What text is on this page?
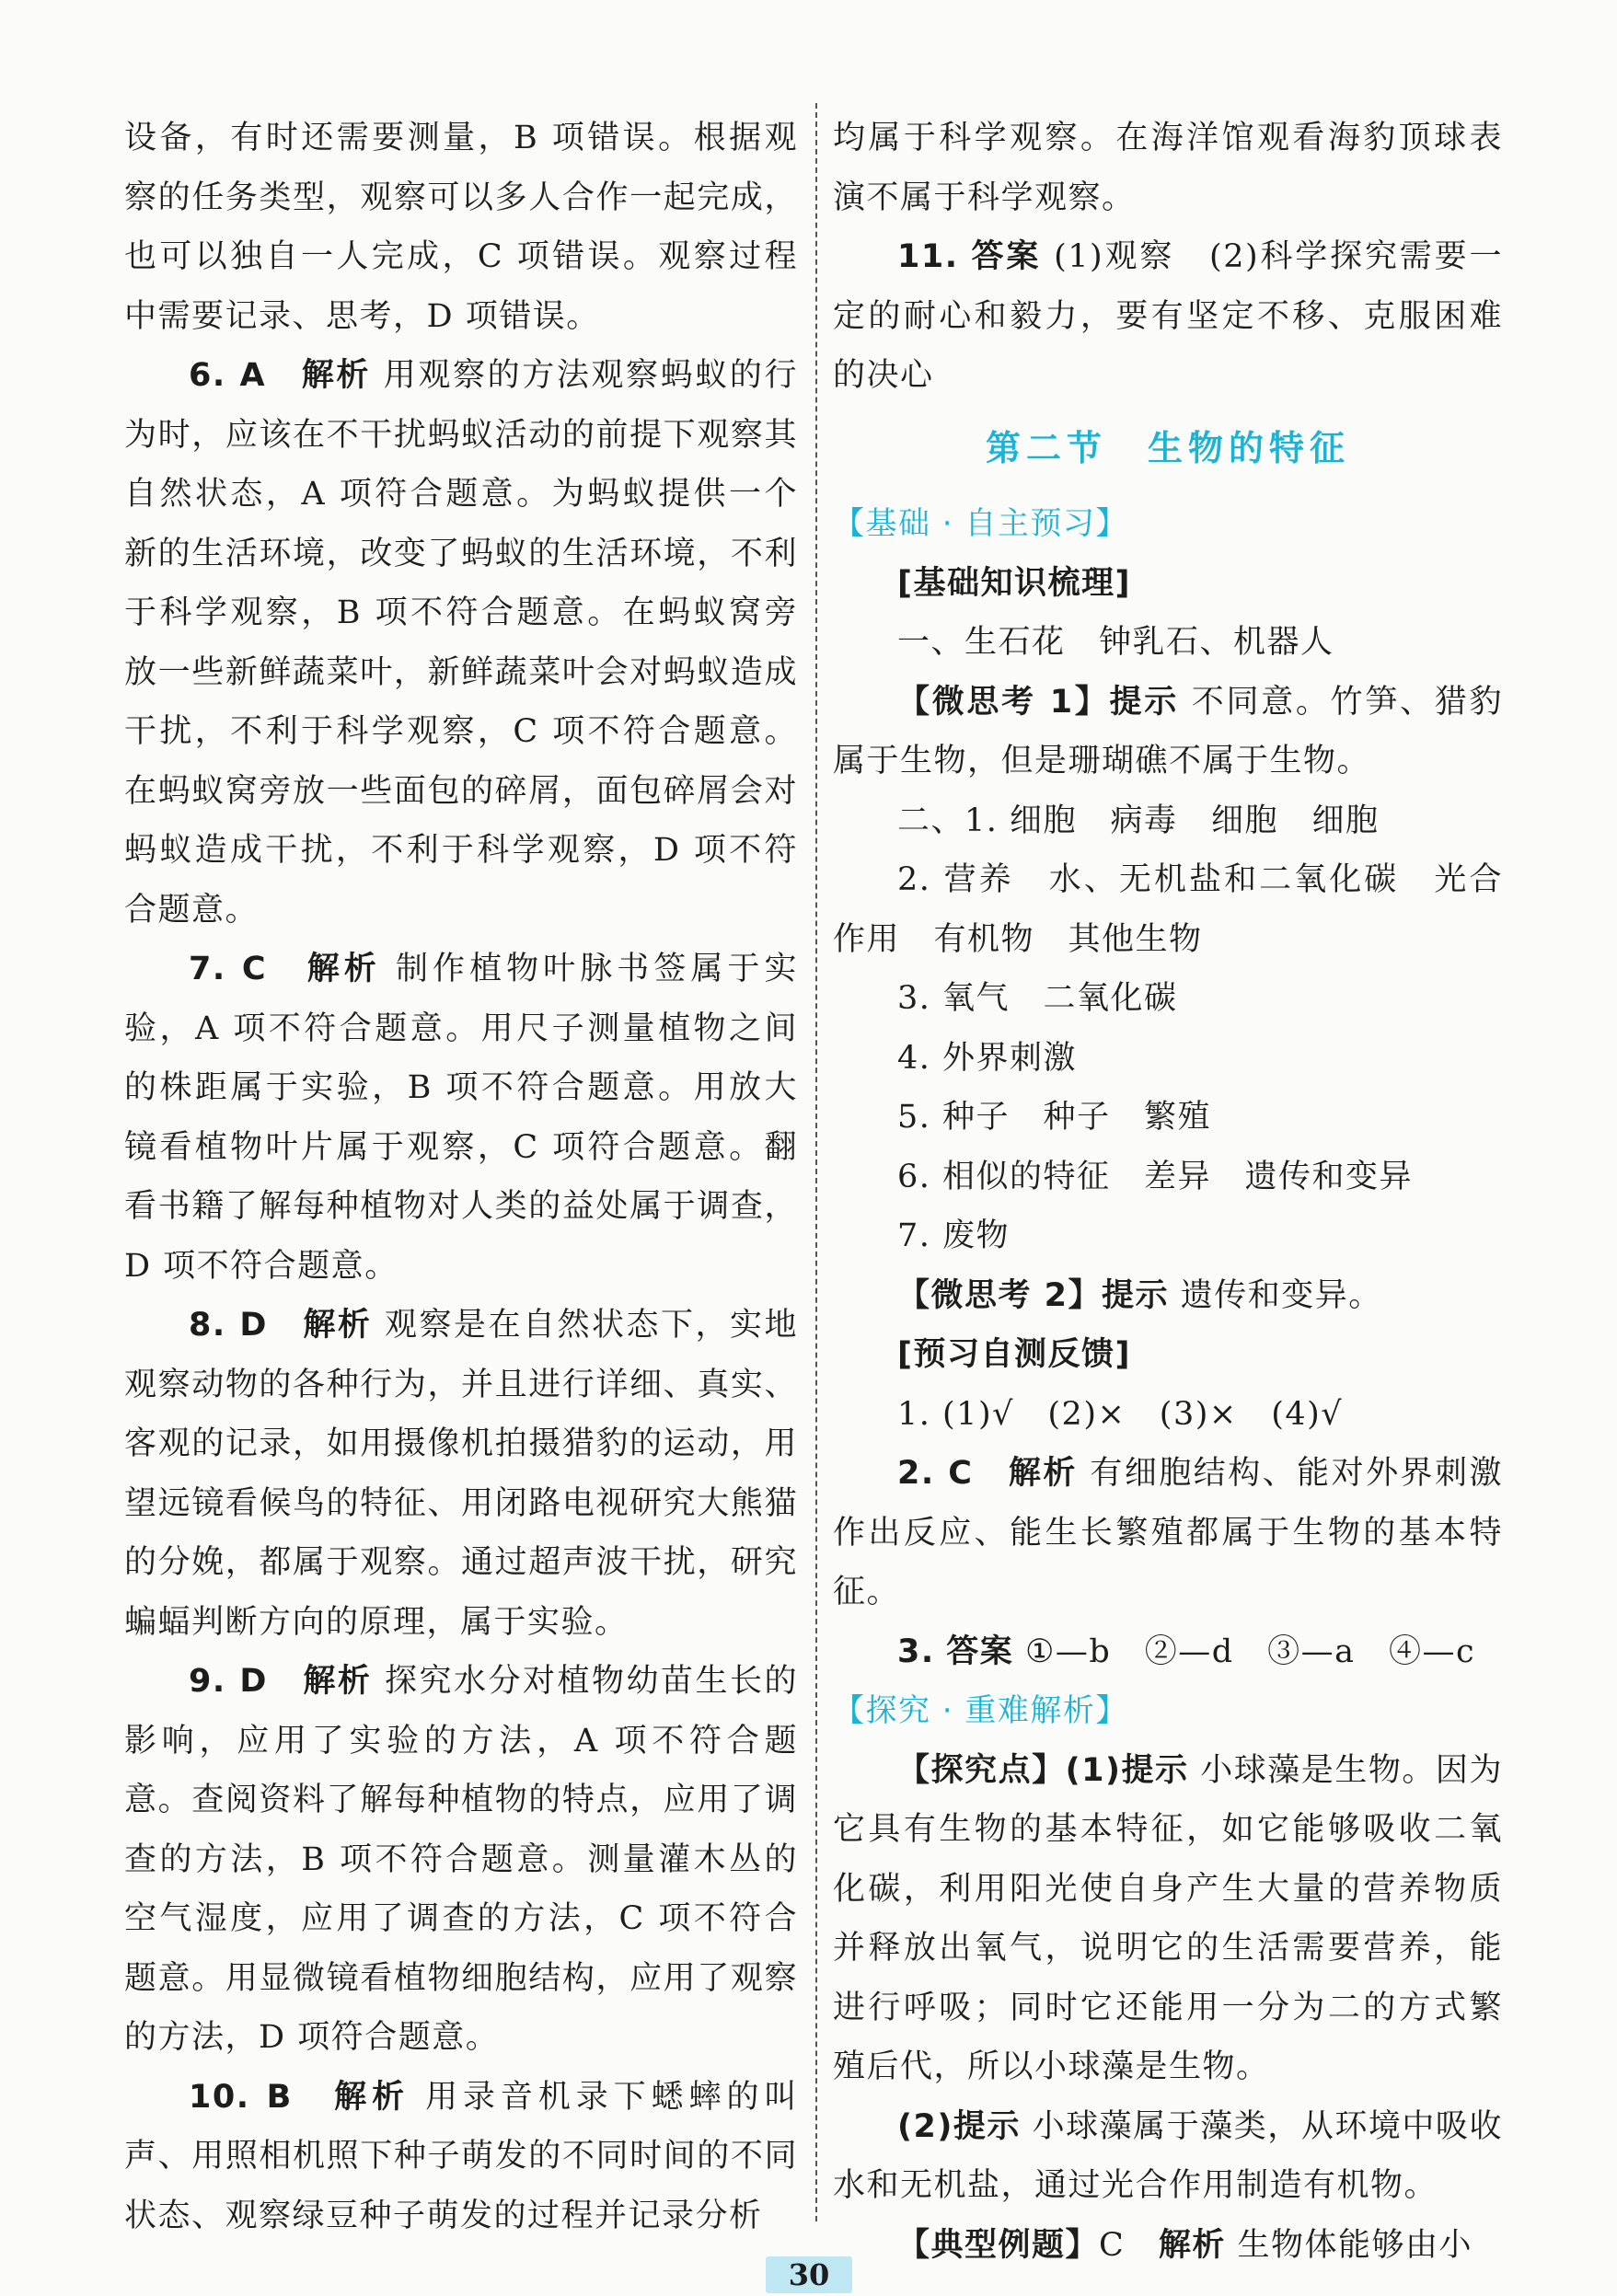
设备，有时还需要测量，B 项错误。根据观察的任务类型，观察可以多人合作一起完成，也可以独自一人完成，C 项错误。观察过程中需要记录、思考，D 项错误。

6. A　 解析 用观察的方法观察蚂蚁的行为时，应该在不干扰蚂蚁活动的前提下观察其自然状态，A 项符合题意。为蚂蚁提供一个新的生活环境，改变了蚂蚁的生活环境，不利于科学观察，B 项不符合题意。在蚂蚁窝旁放一些新鲜蔬菜叶，新鲜蔬菜叶会对蚂蚁造成干扰，不利于科学观察，C 项不符合题意。在蚂蚁窝旁放一些面包的碎屑，面包碎屑会对蚂蚁造成干扰，不利于科学观察，D 项不符合题意。

7. C　 解析 制作植物叶脉书签属于实验，A 项不符合题意。用尺子测量植物之间的株距属于实验，B 项不符合题意。用放大镜看植物叶片属于观察，C 项符合题意。翻看书籍了解每种植物对人类的益处属于调查，D 项不符合题意。

8. D　 解析 观察是在自然状态下，实地观察动物的各种行为，并且进行详细、真实、客观的记录，如用摄像机拍摄猎豹的运动，用望远镜看候鸟的特征、用闭路电视研究大熊猫的分娩，都属于观察。通过超声波干扰，研究蝙蝠判断方向的原理，属于实验。

9. D　 解析 探究水分对植物幼苗生长的影响，应用了实验的方法，A 项不符合题意。查阅资料了解每种植物的特点，应用了调查的方法，B 项不符合题意。测量灌木丛的空气湿度，应用了调查的方法，C 项不符合题意。用显微镜看植物细胞结构，应用了观察的方法，D 项符合题意。

10. B　 解析 用录音机录下蟋蟀的叫声、用照相机照下种子萌发的不同时间的不同状态、观察绿豆种子萌发的过程并记录分析

均属于科学观察。在海洋馆观看海豹顶球表演不属于科学观察。

11. 答案 (1)观察　(2)科学探究需要一定的耐心和毅力，要有坚定不移、克服困难的决心

第二节　生物的特征

【基础 · 自主预习】

[基础知识梳理]

一、生石花　钟乳石、机器人

【微思考 1】提示 不同意。竹笋、猎豹属于生物，但是珊瑚礁不属于生物。

二、1. 细胞　病毒　细胞　细胞

2. 营养　水、无机盐和二氧化碳　光合作用　有机物　其他生物

3. 氧气　二氧化碳

4. 外界刺激

5. 种子　种子　繁殖

6. 相似的特征　差异　遗传和变异

7. 废物

【微思考 2】提示 遗传和变异。

[预习自测反馈]

1. (1)√　(2)×　(3)×　(4)√

2. C　 解析 有细胞结构、能对外界刺激作出反应、能生长繁殖都属于生物的基本特征。

3. 答案 ①—b　②—d　③—a　④—c

【探究 · 重难解析】

【探究点】(1)提示 小球藻是生物。因为它具有生物的基本特征，如它能够吸收二氧化碳，利用阳光使自身产生大量的营养物质并释放出氧气，说明它的生活需要营养，能进行呼吸；同时它还能用一分为二的方式繁殖后代，所以小球藻是生物。

(2)提示 小球藻属于藻类，从环境中吸收水和无机盐，通过光合作用制造有机物。

【典型例题】C　 解析 生物体能够由小

30
